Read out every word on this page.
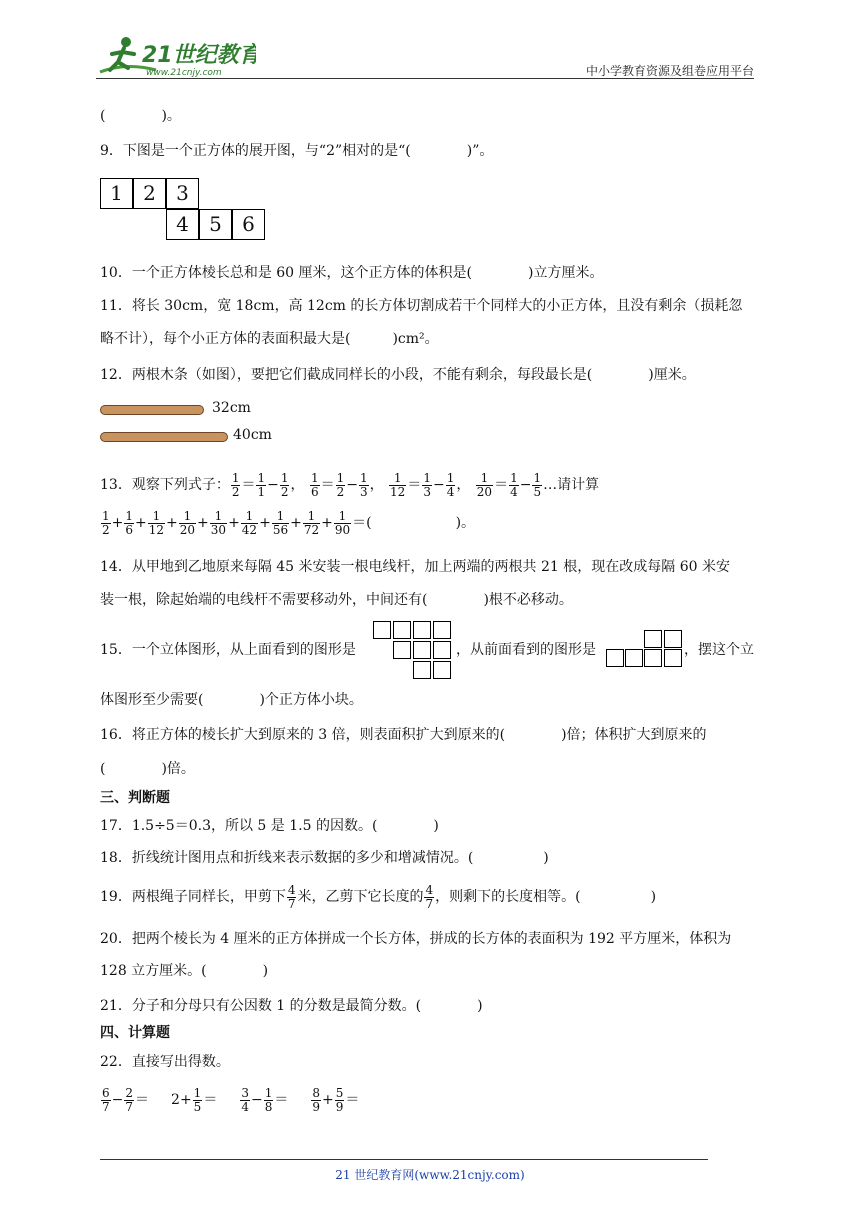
21世纪教育
www.21cnjy.com	中小学教育资源及组卷应用平台
(　　　　)。
9．下图是一个正方体的展开图，与“2”相对的是“(　　　　)”。
1	2	3
4	5	6
10．一个正方体棱长总和是 60 厘米，这个正方体的体积是(　　　　)立方厘米。
11．将长 30cm，宽 18cm，高 12cm 的长方体切割成若干个同样大的小正方体，且没有剩余（损耗忽
略不计），每个小正方体的表面积最大是(　　　)cm²。
12．两根木条（如图），要把它们截成同样长的小段，不能有剩余，每段最长是(　　　　)厘米。
32cm
40cm
13．观察下列式子： $\frac{1}{2} = \frac{1}{1} - \frac{1}{2}$ ， $\frac{1}{6} = \frac{1}{2} - \frac{1}{3}$ ， $\frac{1}{12} = \frac{1}{3} - \frac{1}{4}$ ， $\frac{1}{20} = \frac{1}{4} - \frac{1}{5}$ …请计算
$\frac{1}{2} + \frac{1}{6} + \frac{1}{12} + \frac{1}{20} + \frac{1}{30} + \frac{1}{42} + \frac{1}{56} + \frac{1}{72} + \frac{1}{90}$ ＝(　　　　　　)。
14．从甲地到乙地原来每隔 45 米安装一根电线杆，加上两端的两根共 21 根，现在改成每隔 60 米安
装一根，除起始端的电线杆不需要移动外，中间还有(　　　　)根不必移动。
15．一个立体图形，从上面看到的图形是	，从前面看到的图形是	，摆这个立
体图形至少需要(　　　　)个正方体小块。
16．将正方体的棱长扩大到原来的 3 倍，则表面积扩大到原来的(　　　　)倍；体积扩大到原来的
(　　　　)倍。
三、判断题
17．1.5÷5＝0.3，所以 5 是 1.5 的因数。(　　　　)
18．折线统计图用点和折线来表示数据的多少和增减情况。(　　　　　)
19．两根绳子同样长，甲剪下 $\frac{4}{7}$ 米，乙剪下它长度的 $\frac{4}{7}$ ，则剩下的长度相等。(　　　　　)
20．把两个棱长为 4 厘米的正方体拼成一个长方体，拼成的长方体的表面积为 192 平方厘米，体积为
128 立方厘米。(　　　　)
21．分子和分母只有公因数 1 的分数是最简分数。(　　　　)
四、计算题
22．直接写出得数。
$\frac{6}{7} - \frac{2}{7} = 2+ \frac{1}{5} = \frac{3}{4} - \frac{1}{8} = \frac{8}{9} + \frac{5}{9}$ ＝
21 世纪教育网(www.21cnjy.com)
